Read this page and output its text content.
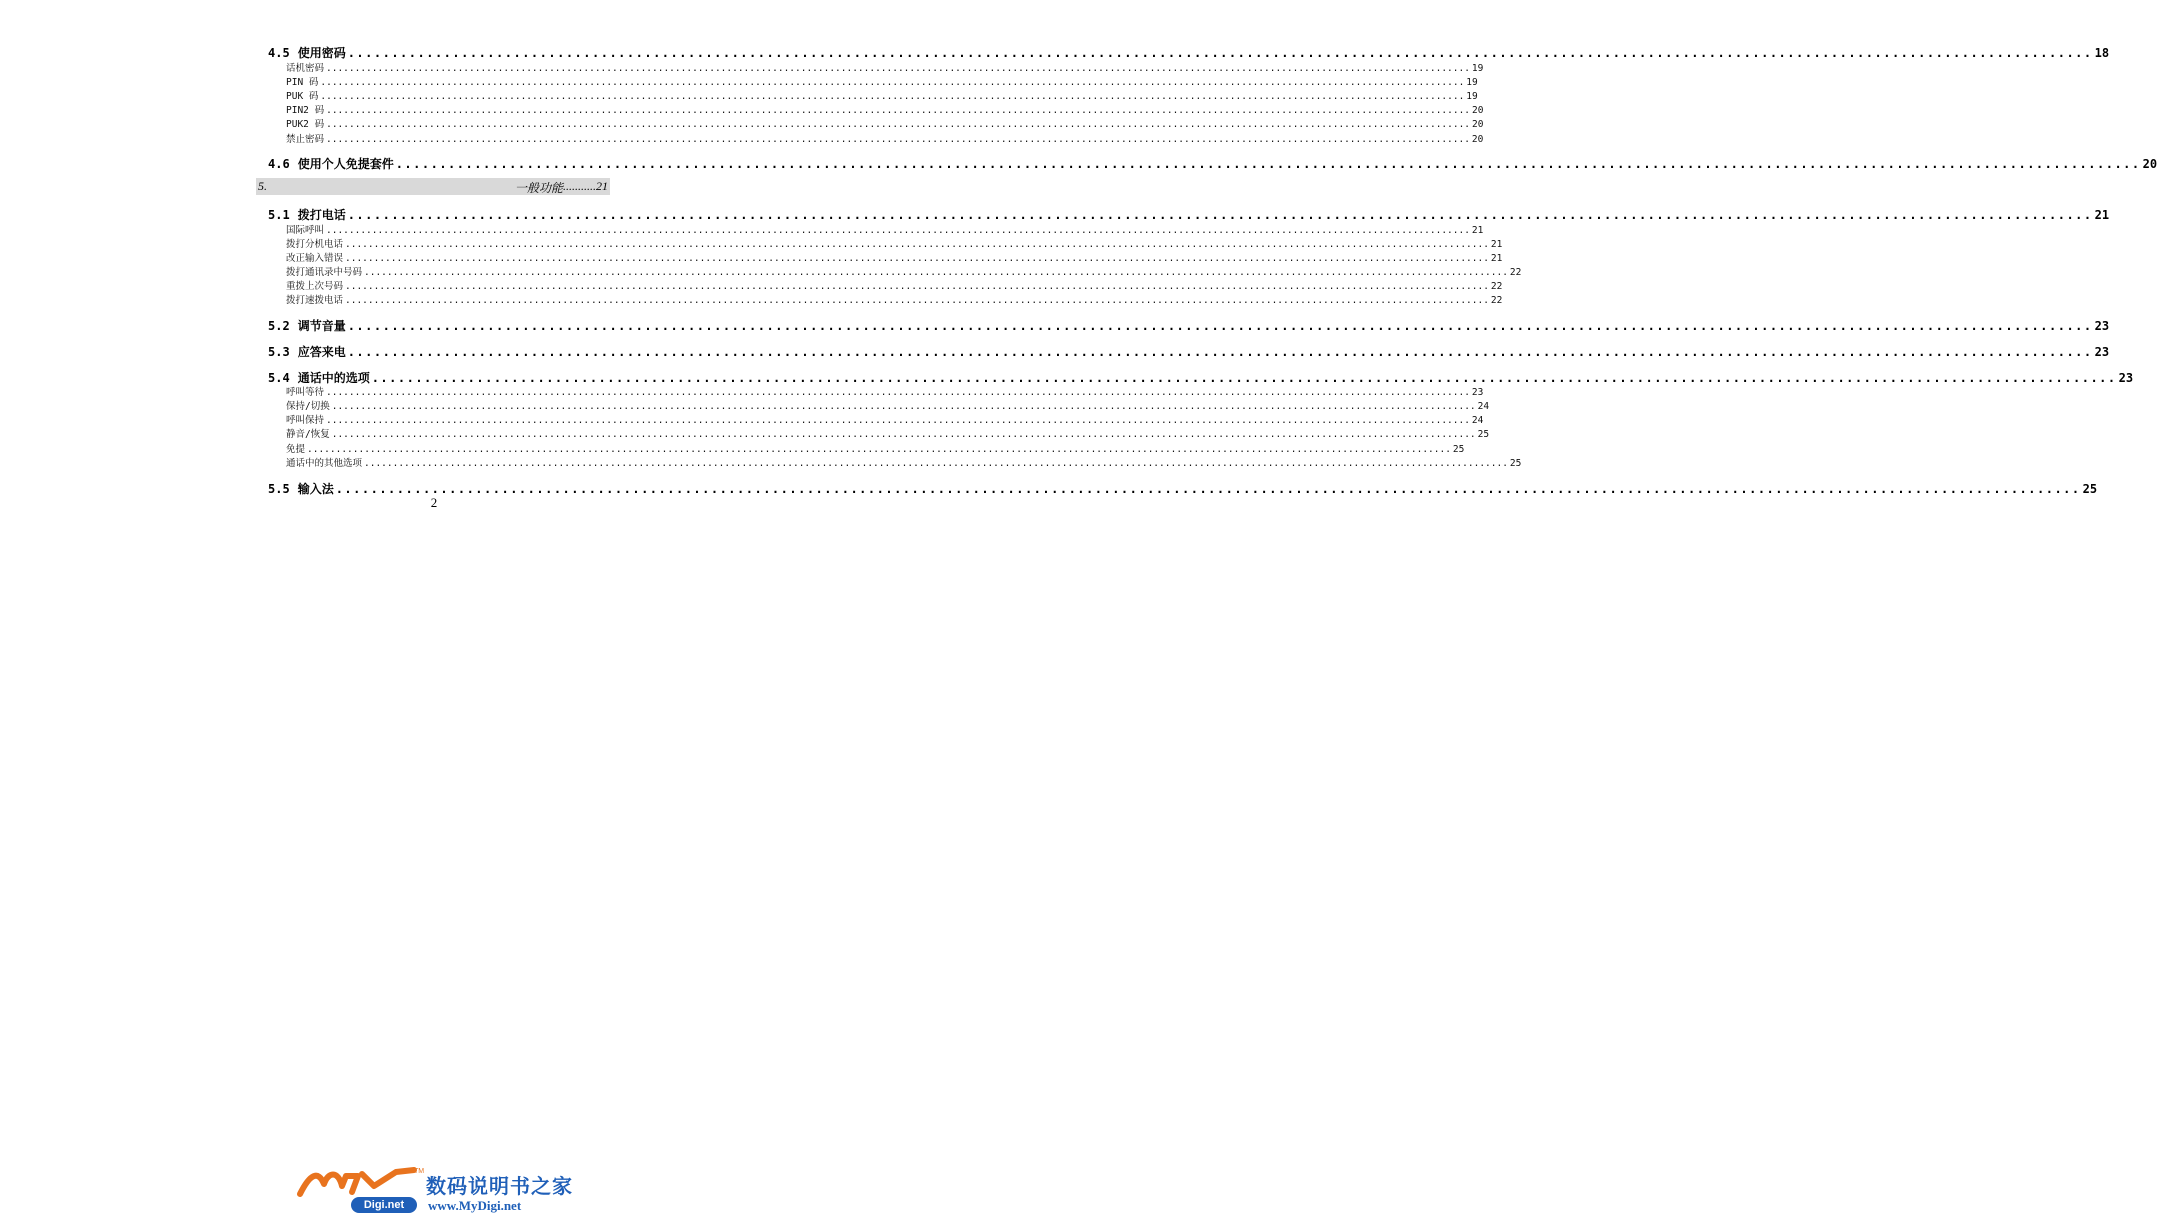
4.5 使用密码 ........................................................................................................................................................................................................ 18
话机密码 ........................................................................................................................................................................................................ 19
PIN 码 ........................................................................................................................................................................................................ 19
PUK 码 ........................................................................................................................................................................................................ 19
PIN2 码 ........................................................................................................................................................................................................ 20
PUK2 码 ........................................................................................................................................................................................................ 20
禁止密码 ........................................................................................................................................................................................................ 20
4.6 使用个人免提套件 ........................................................................................................................................................................................................ 20
5.1 拨打电话 ........................................................................................................................................................................................................ 21
国际呼叫 ........................................................................................................................................................................................................ 21
拨打分机电话 ........................................................................................................................................................................................................ 21
改正输入错误 ........................................................................................................................................................................................................ 21
拨打通讯录中号码 ........................................................................................................................................................................................................ 22
重拨上次号码 ........................................................................................................................................................................................................ 22
拨打速拨电话 ........................................................................................................................................................................................................ 22
5.2 调节音量 ........................................................................................................................................................................................................ 23
5.3 应答来电 ........................................................................................................................................................................................................ 23
5.4 通话中的选项 ........................................................................................................................................................................................................ 23
呼叫等待 ........................................................................................................................................................................................................ 23
保持/切换 ........................................................................................................................................................................................................ 24
呼叫保持 ........................................................................................................................................................................................................ 24
静音/恢复 ........................................................................................................................................................................................................ 25
免提 ........................................................................................................................................................................................................ 25
通话中的其他选项 ........................................................................................................................................................................................................ 25
5.5 输入法 ........................................................................................................................................................................................................ 25
5.	一般功能 ........... 21
2
TM
Digi.net
数码说明书之家
www.MyDigi.net
